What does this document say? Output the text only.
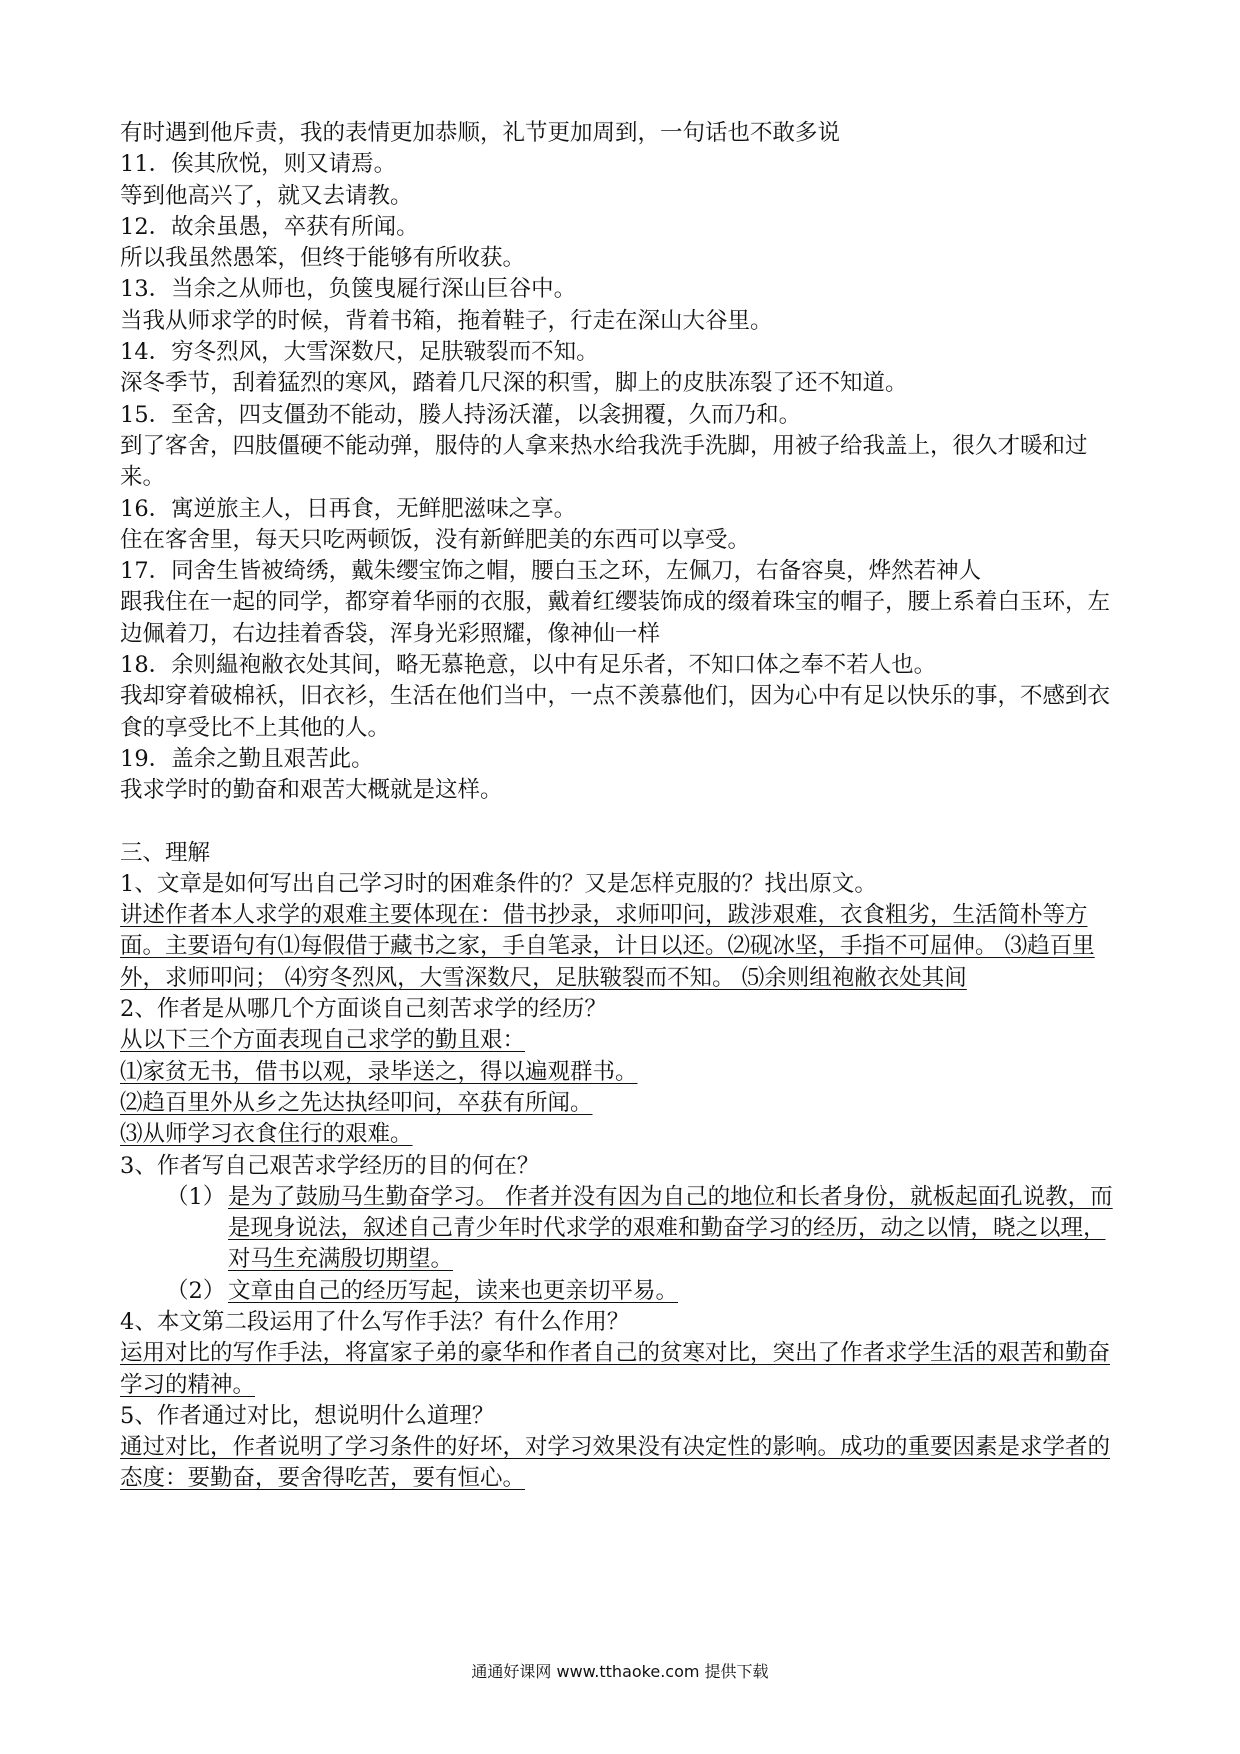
有时遇到他斥责，我的表情更加恭顺，礼节更加周到，一句话也不敢多说
11．俟其欣悦，则又请焉。
等到他高兴了，就又去请教。
12．故余虽愚，卒获有所闻。
所以我虽然愚笨，但终于能够有所收获。
13．当余之从师也，负箧曳屣行深山巨谷中。
当我从师求学的时候，背着书箱，拖着鞋子，行走在深山大谷里。
14．穷冬烈风，大雪深数尺，足肤皲裂而不知。
深冬季节，刮着猛烈的寒风，踏着几尺深的积雪，脚上的皮肤冻裂了还不知道。
15．至舍，四支僵劲不能动，媵人持汤沃灌，以衾拥覆，久而乃和。
到了客舍，四肢僵硬不能动弹，服侍的人拿来热水给我洗手洗脚，用被子给我盖上，很久才暖和过来。
16．寓逆旅主人，日再食，无鲜肥滋味之享。
住在客舍里，每天只吃两顿饭，没有新鲜肥美的东西可以享受。
17．同舍生皆被绮绣，戴朱缨宝饰之帽，腰白玉之环，左佩刀，右备容臭，烨然若神人
跟我住在一起的同学，都穿着华丽的衣服，戴着红缨装饰成的缀着珠宝的帽子，腰上系着白玉环，左边佩着刀，右边挂着香袋，浑身光彩照耀，像神仙一样
18．余则緼袍敝衣处其间，略无慕艳意，以中有足乐者，不知口体之奉不若人也。
我却穿着破棉袄，旧衣衫，生活在他们当中，一点不羡慕他们，因为心中有足以快乐的事，不感到衣食的享受比不上其他的人。
19．盖余之勤且艰苦此。
我求学时的勤奋和艰苦大概就是这样。
三、理解
1、文章是如何写出自己学习时的困难条件的？又是怎样克服的？找出原文。
讲述作者本人求学的艰难主要体现在：借书抄录，求师叩问，跋涉艰难，衣食粗劣，生活简朴等方面。主要语句有⑴每假借于藏书之家，手自笔录，计日以还。⑵砚冰坚，手指不可屈伸。 ⑶趋百里外，求师叩问； ⑷穷冬烈风，大雪深数尺，足肤皲裂而不知。 ⑸余则组袍敝衣处其间
2、作者是从哪几个方面谈自己刻苦求学的经历？
从以下三个方面表现自己求学的勤且艰：
⑴家贫无书，借书以观，录毕送之，得以遍观群书。
⑵趋百里外从乡之先达执经叩问，卒获有所闻。
⑶从师学习衣食住行的艰难。
3、作者写自己艰苦求学经历的目的何在？
（1） 是为了鼓励马生勤奋学习。 作者并没有因为自己的地位和长者身份，就板起面孔说教，而是现身说法，叙述自己青少年时代求学的艰难和勤奋学习的经历，动之以情，晓之以理，对马生充满殷切期望。
（2） 文章由自己的经历写起，读来也更亲切平易。
4、本文第二段运用了什么写作手法？有什么作用？
运用对比的写作手法，将富家子弟的豪华和作者自己的贫寒对比，突出了作者求学生活的艰苦和勤奋学习的精神。
5、作者通过对比，想说明什么道理？
通过对比，作者说明了学习条件的好坏，对学习效果没有决定性的影响。成功的重要因素是求学者的态度：要勤奋，要舍得吃苦，要有恒心。
通通好课网 www.tthaoke.com 提供下载
